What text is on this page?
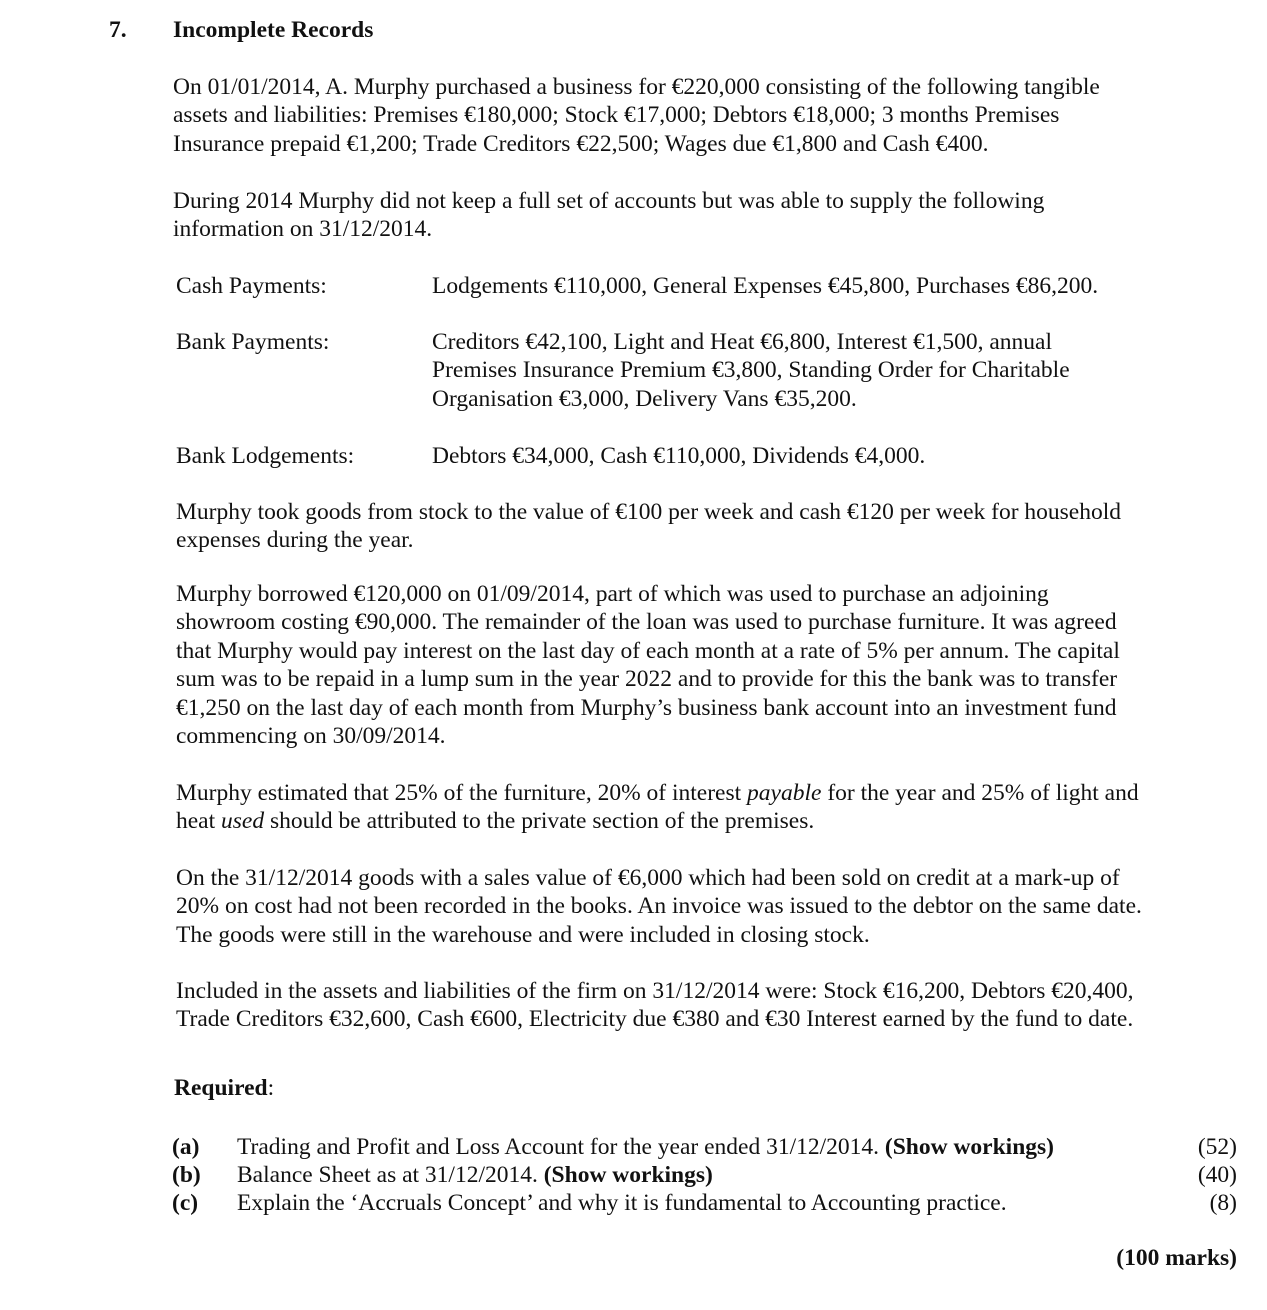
7. Incomplete Records
On 01/01/2014, A. Murphy purchased a business for €220,000 consisting of the following tangible
assets and liabilities: Premises €180,000; Stock €17,000; Debtors €18,000; 3 months Premises
Insurance prepaid €1,200; Trade Creditors €22,500; Wages due €1,800 and Cash €400.
During 2014 Murphy did not keep a full set of accounts but was able to supply the following
information on 31/12/2014.
Cash Payments:	Lodgements €110,000, General Expenses €45,800, Purchases €86,200.
Bank Payments:	Creditors €42,100, Light and Heat €6,800, Interest €1,500, annual
Premises Insurance Premium €3,800, Standing Order for Charitable
Organisation €3,000, Delivery Vans €35,200.
Bank Lodgements:	Debtors €34,000, Cash €110,000, Dividends €4,000.
Murphy took goods from stock to the value of €100 per week and cash €120 per week for household
expenses during the year.
Murphy borrowed €120,000 on 01/09/2014, part of which was used to purchase an adjoining
showroom costing €90,000. The remainder of the loan was used to purchase furniture. It was agreed
that Murphy would pay interest on the last day of each month at a rate of 5% per annum. The capital
sum was to be repaid in a lump sum in the year 2022 and to provide for this the bank was to transfer
€1,250 on the last day of each month from Murphy’s business bank account into an investment fund
commencing on 30/09/2014.
Murphy estimated that 25% of the furniture, 20% of interest payable for the year and 25% of light and
heat used should be attributed to the private section of the premises.
On the 31/12/2014 goods with a sales value of €6,000 which had been sold on credit at a mark-up of
20% on cost had not been recorded in the books. An invoice was issued to the debtor on the same date.
The goods were still in the warehouse and were included in closing stock.
Included in the assets and liabilities of the firm on 31/12/2014 were: Stock €16,200, Debtors €20,400,
Trade Creditors €32,600, Cash €600, Electricity due €380 and €30 Interest earned by the fund to date.
Required:
(a) Trading and Profit and Loss Account for the year ended 31/12/2014. (Show workings)	(52)
(b) Balance Sheet as at 31/12/2014. (Show workings)	(40)
(c) Explain the ‘Accruals Concept’ and why it is fundamental to Accounting practice.	(8)
(100 marks)
